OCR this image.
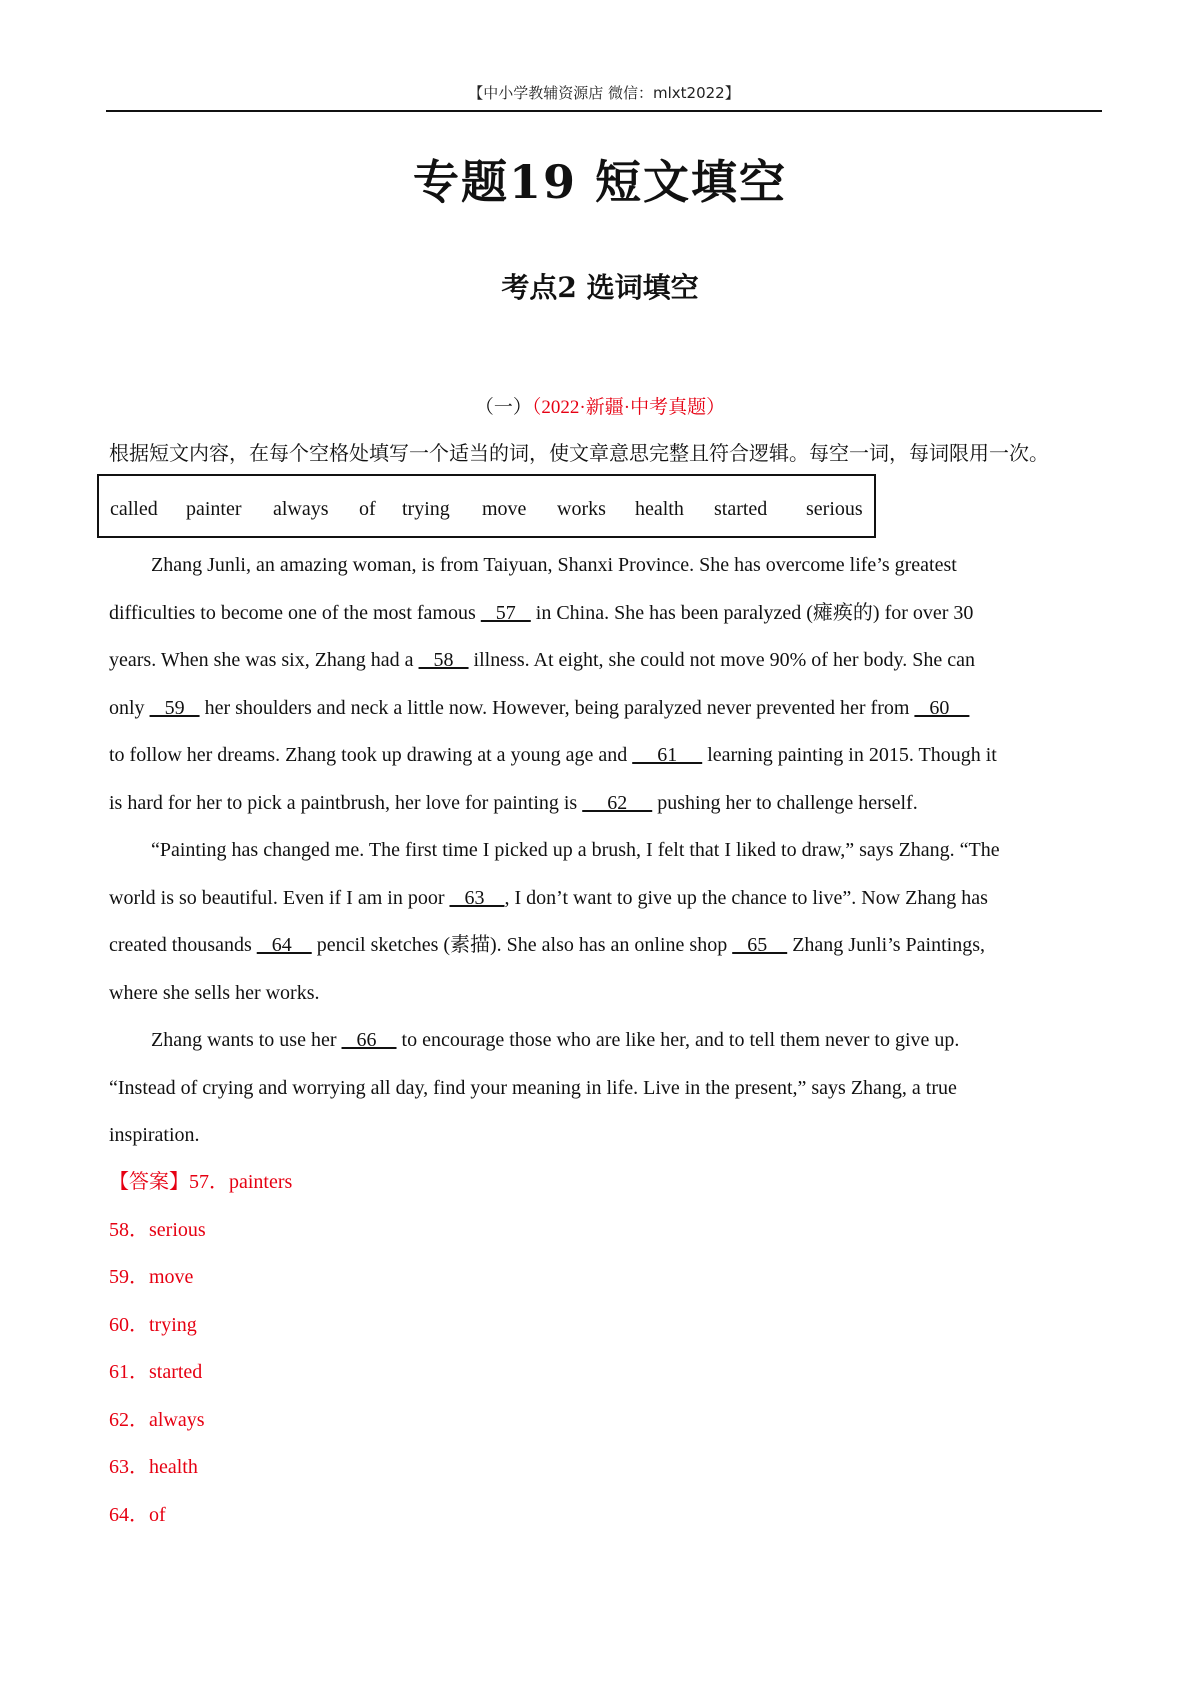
【中小学教辅资源店 微信：mlxt2022】
专题19 短文填空
考点2 选词填空
（一）（2022·新疆·中考真题）
根据短文内容，在每个空格处填写一个适当的词，使文章意思完整且符合逻辑。每空一词，每词限用一次。
called painter always of trying move works health started serious
Zhang Junli, an amazing woman, is from Taiyuan, Shanxi Province. She has overcome life’s greatest
difficulties to become one of the most famous    57    in China. She has been paralyzed (瘫痪的) for over 30
years. When she was six, Zhang had a    58    illness. At eight, she could not move 90% of her body. She can
only    59    her shoulders and neck a little now. However, being paralyzed never prevented her from    60
to follow her dreams. Zhang took up drawing at a young age and      61      learning painting in 2015. Though it
is hard for her to pick a paintbrush, her love for painting is      62      pushing her to challenge herself.
“Painting has changed me. The first time I picked up a brush, I felt that I liked to draw,” says Zhang. “The
world is so beautiful. Even if I am in poor    63    , I don’t want to give up the chance to live”. Now Zhang has
created thousands    64     pencil sketches (素描). She also has an online shop    65     Zhang Junli’s Paintings,
where she sells her works.
Zhang wants to use her    66     to encourage those who are like her, and to tell them never to give up.
“Instead of crying and worrying all day, find your meaning in life. Live in the present,” says Zhang, a true
inspiration.
【答案】57．painters
58．serious
59．move
60．trying
61．started
62．always
63．health
64．of
